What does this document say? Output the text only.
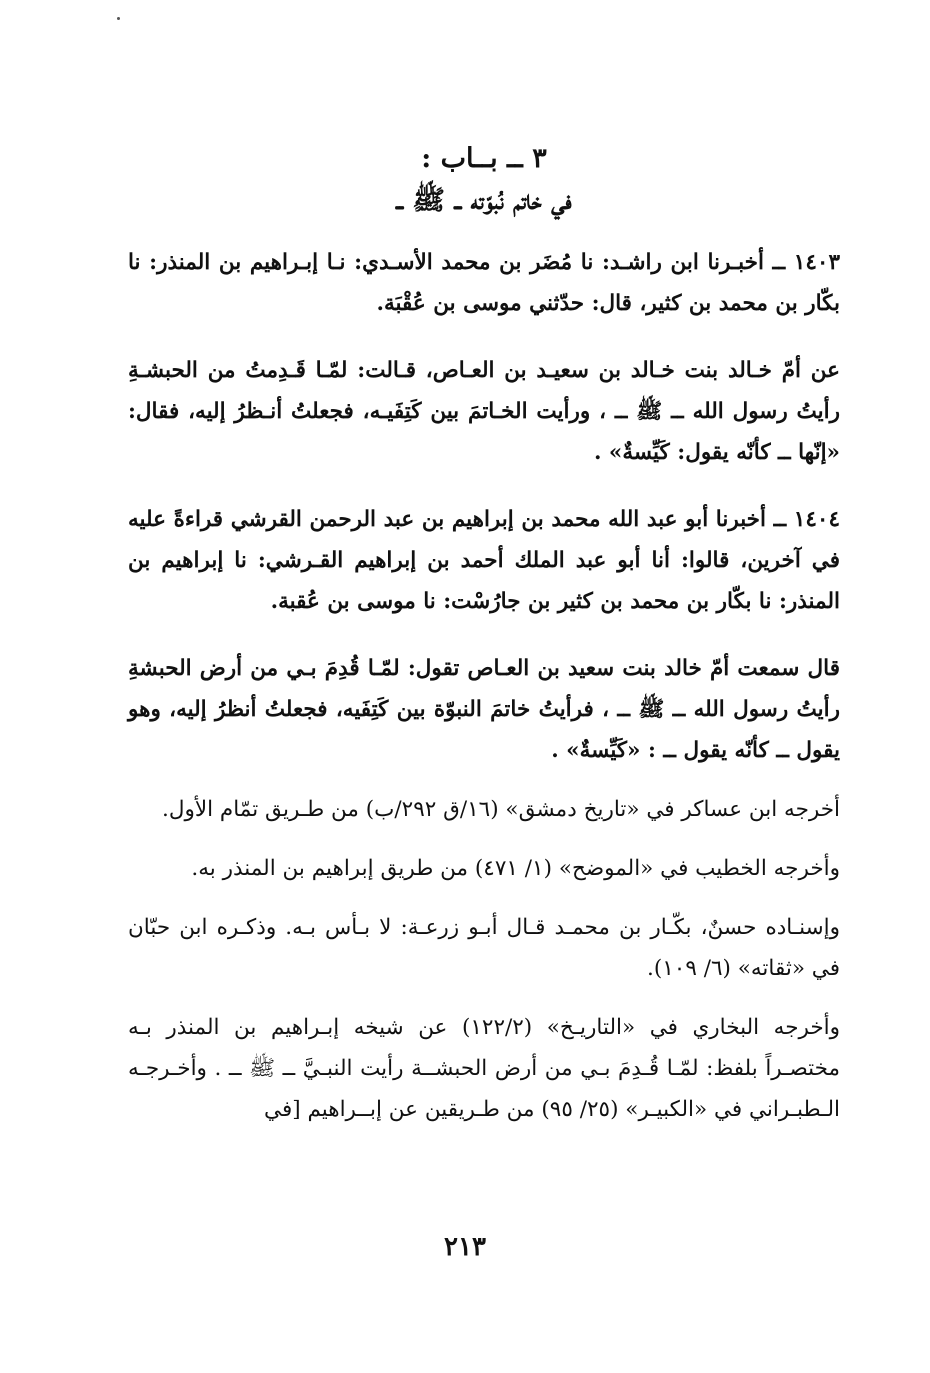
٣ ــ بــاب :
في خاتم نُبوّته ــ ﷺ ــ

١٤٠٣ ــ أخبـرنا ابن راشـد: نا مُضَر بن محمد الأسـدي: نـا إبـراهيم بن المنذر: نا بكّار بن محمد بن كثير، قال: حدّثني موسى بن عُقْبَة.

عن أمّ خـالد بنت خـالد بن سعيـد بن العـاص، قـالت: لمّـا قَـدِمتُ من الحبشـةِ رأيتُ رسول الله ــ ﷺ ــ ، ورأيت الخـاتمَ بين كَتِفَيـه، فجعلتُ أنـظرُ إليه، فقال: «إنّها ــ كأنّه يقول: كَيِّسةٌ» .

١٤٠٤ ــ أخبرنا أبو عبد الله محمد بن إبراهيم بن عبد الرحمن القرشي قراءةً عليه في آخرين، قالوا: أنا أبو عبد الملك أحمد بن إبراهيم القـرشي: نا إبراهيم بن المنذر: نا بكّار بن محمد بن كثير بن جارُسْت: نا موسى بن عُقبة.

قال سمعت أمّ خالد بنت سعيد بن العـاص تقول: لمّـا قُدِمَ بـي من أرض الحبشةِ رأيتُ رسول الله ــ ﷺ ــ ، فرأيتُ خاتمَ النبوّة بين كَتِفَيه، فجعلتُ أنظرُ إليه، وهو يقول ــ كأنّه يقول ــ : «كَيِّسةٌ» .

أخرجه ابن عساكر في «تاريخ دمشق» (١٦/ق ٢٩٢/ب) من طـريق تمّام الأول.

وأخرجه الخطيب في «الموضح» (١/ ٤٧١) من طريق إبراهيم بن المنذر به.

وإسنـاده حسنٌ، بكّـار بن محمـد قـال أبـو زرعـة: لا بـأس بـه. وذكـره ابن حبّان في «ثقاته» (٦/ ١٠٩).

وأخرجه البخاري في «التاريـخ» (١٢٢/٢) عن شيخه إبـراهيم بن المنذر بـه مختصـراً بلفظ: لمّـا قُـدِمَ بـي من أرض الحبشــة رأيت النبـيَّ ــ ﷺ ــ . وأخـرجـه الـطبـراني في «الكبيـر» (٢٥/ ٩٥) من طـريقين عن إبــراهيم [في

٢١٣
